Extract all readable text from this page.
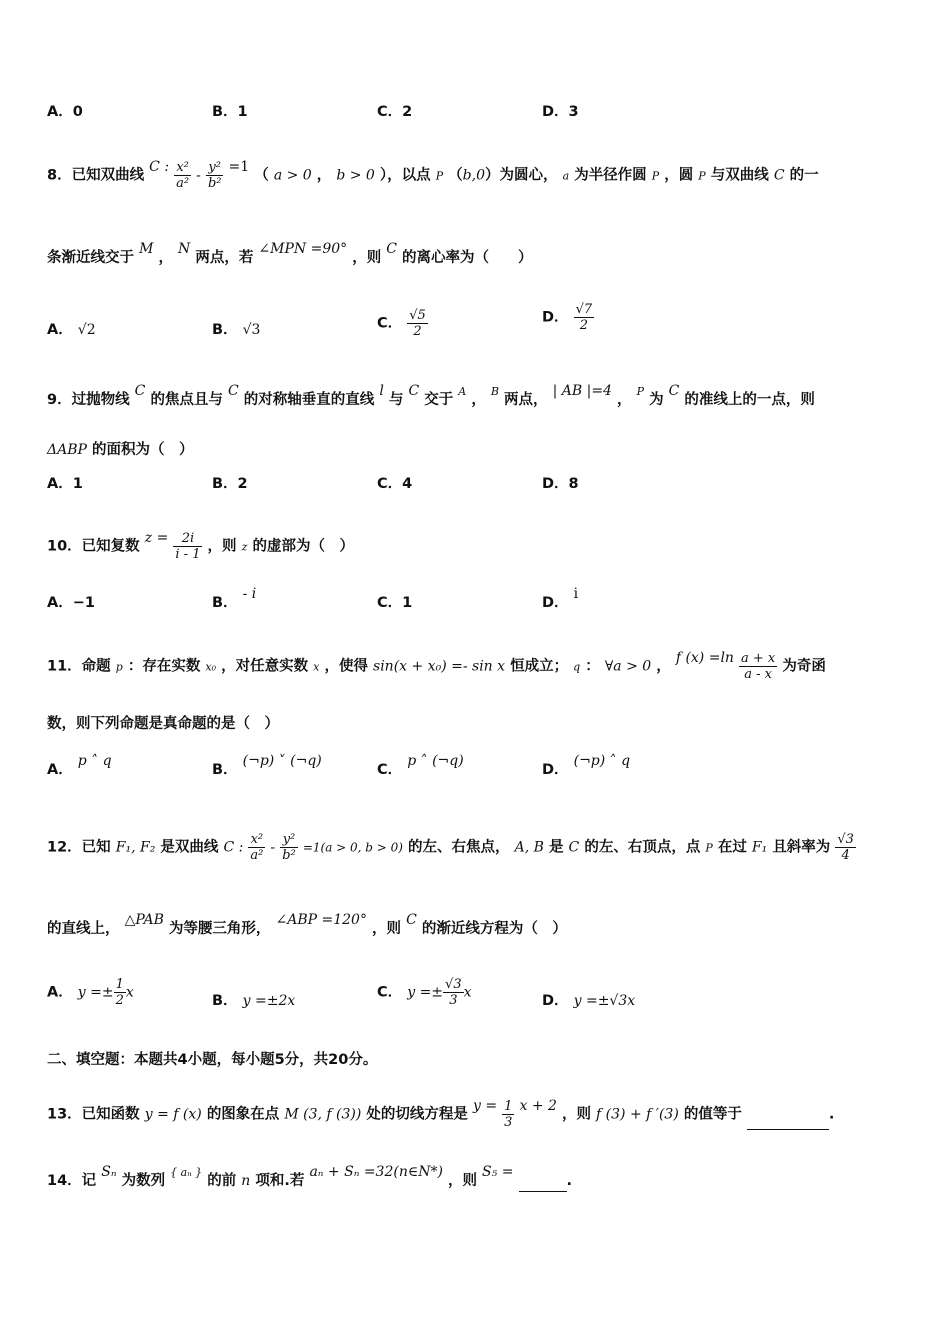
A．0	B．1	C．2	D．3
8．已知双曲线 C : $\frac{\text{x²}}{\text{a²}} - \frac{\text{y²}}{\text{b²}} =1$ （ a > 0 ， b > 0 ），以点 P （b,0）为圆心， a 为半径作圆 P ，圆 P 与双曲线 C 的一
条渐近线交于 M ， N 两点，若 ∠MPN =90° ，则 C 的离心率为（　　）
A． √2	B． √3	C． $\frac{√5}{2}$	D． $\frac{√7}{2}$
9．过抛物线 C 的焦点且与 C 的对称轴垂直的直线 l 与 C 交于 $^A$ ， $^B$ 两点， | AB |=4 ， $^P$ 为 C 的准线上的一点，则
ΔABP 的面积为（　）
A．1	B．2	C．4	D．8
10．已知复数 $z = \frac{2i}{i - 1}$ ，则 z 的虚部为（　）
A．−1	B． - i
C．1	D． i
11．命题 p ：存在实数 x₀ ，对任意实数 x ，使得 sin(x + x₀) =- sin x 恒成立； q ： ∀a > 0 ， f $(x) =\ln \frac{a + x}{a - x}$ 为奇函
数，则下列命题是真命题的是（　）
A． p ˄ q
B． (¬p) ˅ (¬q)
C． p ˄ (¬q)
D． (¬p) ˄ q
12．已知 F₁, F₂ 是双曲线 C : $\frac{\text{x²}}{\text{a²}} - \frac{\text{y²}}{\text{b²}} =1(a > 0$, b > 0) 的左、右焦点， A, B 是 C 的左、右顶点，点 P 在过 F₁ 且斜率为 $\frac{√3}{4}$
的直线上， △PAB 为等腰三角形， ∠ABP =120° ，则 C 的渐近线方程为（　）
A． $y =\pm \frac{1}{2}$ x
B． y =±2x
C． $y =\pm \frac{√3}{3}$ x
D． y =±√3x
二、填空题：本题共4小题，每小题5分，共20分。
13．已知函数 y = f (x) 的图象在点 M (3, f (3)) 处的切线方程是 $y = \frac{1}{3}$ x + 2 ，则 f (3) + f ′(3) 的值等于	.
14．记 Sₙ 为数列 $^{\{ a_n \}}$ 的前 n 项和.若 aₙ + Sₙ =32(n∈N*) ，则 S₅ = .
